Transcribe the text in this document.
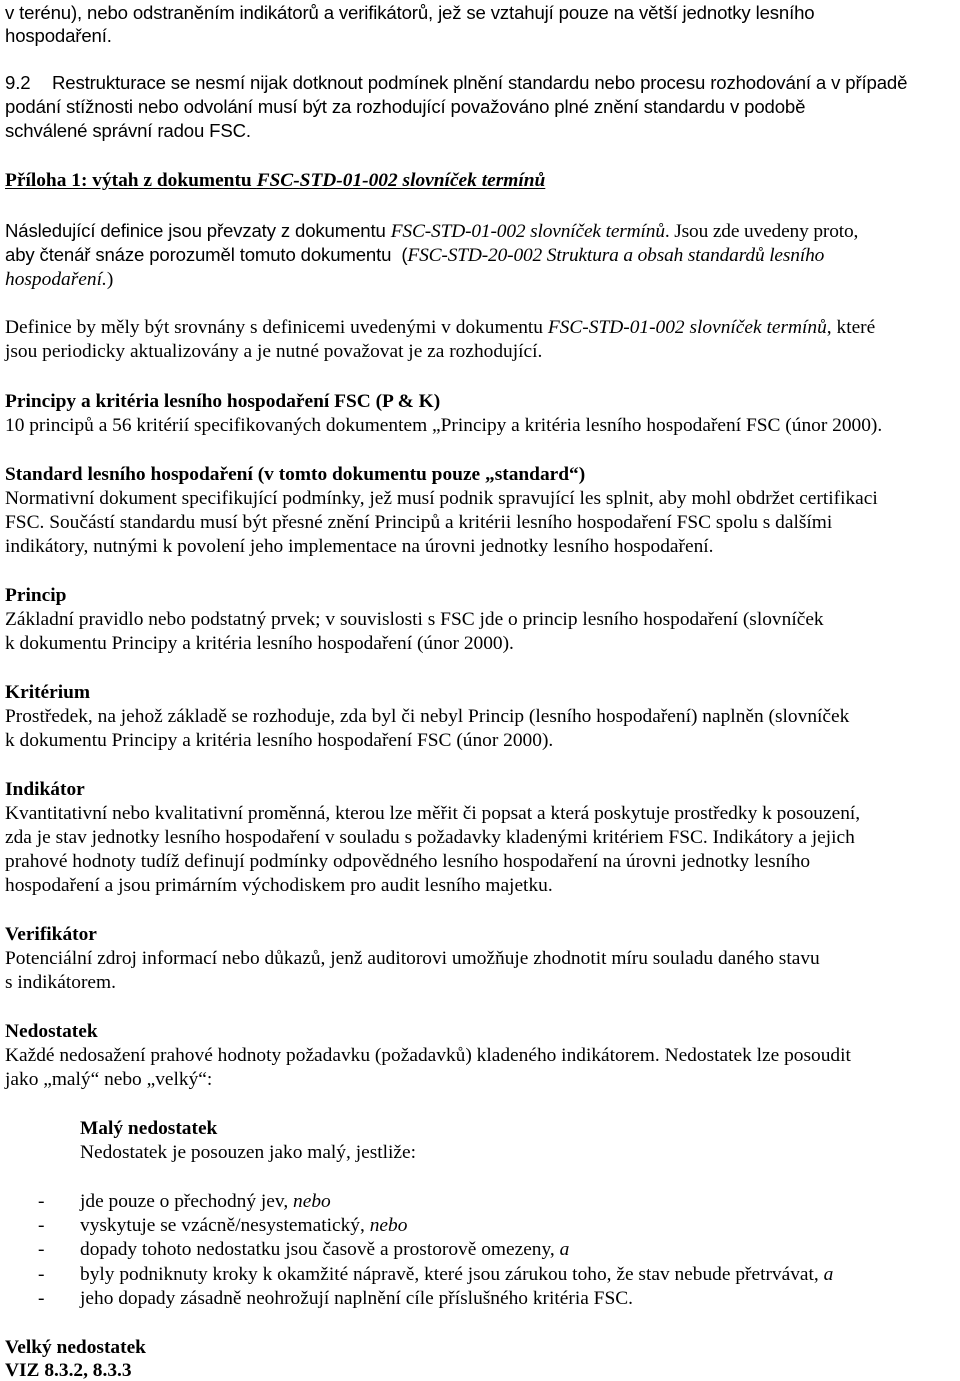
v terénu), nebo odstraněním indikátorů a verifikátorů, jež se vztahují pouze na větší jednotky lesního
hospodaření.
9.2 Restrukturace se nesmí nijak dotknout podmínek plnění standardu nebo procesu rozhodování a v případě
podání stížnosti nebo odvolání musí být za rozhodující považováno plné znění standardu v podobě
schválené správní radou FSC.
Příloha 1: výtah z dokumentu FSC-STD-01-002 slovníček termínů
Následující definice jsou převzaty z dokumentu FSC-STD-01-002 slovníček termínů. Jsou zde uvedeny proto,
aby čtenář snáze porozuměl tomuto dokumentu  (FSC-STD-20-002 Struktura a obsah standardů lesního
hospodaření.)
Definice by měly být srovnány s definicemi uvedenými v dokumentu FSC-STD-01-002 slovníček termínů, které
jsou periodicky aktualizovány a je nutné považovat je za rozhodující.
Principy a kritéria lesního hospodaření FSC (P & K)
10 principů a 56 kritérií specifikovaných dokumentem „Principy a kritéria lesního hospodaření FSC (únor 2000).
Standard lesního hospodaření (v tomto dokumentu pouze „standard“)
Normativní dokument specifikující podmínky, jež musí podnik spravující les splnit, aby mohl obdržet certifikaci
FSC. Součástí standardu musí být přesné znění Principů a kritérii lesního hospodaření FSC spolu s dalšími
indikátory, nutnými k povolení jeho implementace na úrovni jednotky lesního hospodaření.
Princip
Základní pravidlo nebo podstatný prvek; v souvislosti s FSC jde o princip lesního hospodaření (slovníček
k dokumentu Principy a kritéria lesního hospodaření (únor 2000).
Kritérium
Prostředek, na jehož základě se rozhoduje, zda byl či nebyl Princip (lesního hospodaření) naplněn (slovníček
k dokumentu Principy a kritéria lesního hospodaření FSC (únor 2000).
Indikátor
Kvantitativní nebo kvalitativní proměnná, kterou lze měřit či popsat a která poskytuje prostředky k posouzení,
zda je stav jednotky lesního hospodaření v souladu s požadavky kladenými kritériem FSC. Indikátory a jejich
prahové hodnoty tudíž definují podmínky odpovědného lesního hospodaření na úrovni jednotky lesního
hospodaření a jsou primárním východiskem pro audit lesního majetku.
Verifikátor
Potenciální zdroj informací nebo důkazů, jenž auditorovi umožňuje zhodnotit míru souladu daného stavu
s indikátorem.
Nedostatek
Každé nedosažení prahové hodnoty požadavku (požadavků) kladeného indikátorem. Nedostatek lze posoudit
jako „malý“ nebo „velký“:
Malý nedostatek
Nedostatek je posouzen jako malý, jestliže:
- jde pouze o přechodný jev, nebo
- vyskytuje se vzácně/nesystematický, nebo
- dopady tohoto nedostatku jsou časově a prostorově omezeny, a
- byly podniknuty kroky k okamžité nápravě, které jsou zárukou toho, že stav nebude přetrvávat, a
- jeho dopady zásadně neohrožují naplnění cíle příslušného kritéria FSC.
Velký nedostatek
VIZ 8.3.2, 8.3.3
